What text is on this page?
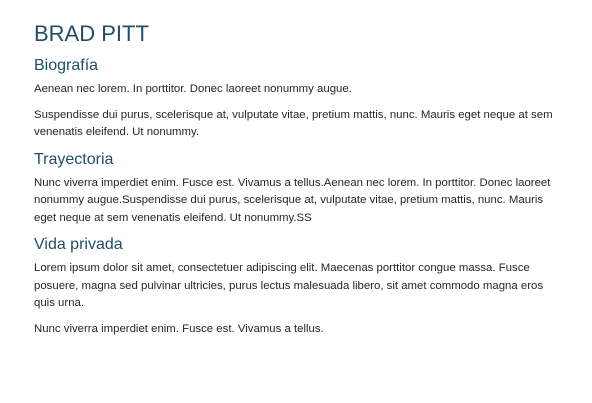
BRAD PITT
Biografía

Aenean nec lorem. In porttitor. Donec laoreet nonummy augue.

Suspendisse dui purus, scelerisque at, vulputate vitae, pretium mattis, nunc. Mauris eget neque at sem venenatis eleifend. Ut nonummy.

Trayectoria

Nunc viverra imperdiet enim. Fusce est. Vivamus a tellus.Aenean nec lorem. In porttitor. Donec laoreet nonummy augue.Suspendisse dui purus, scelerisque at, vulputate vitae, pretium mattis, nunc. Mauris eget neque at sem venenatis eleifend. Ut nonummy.SS

Vida privada

Lorem ipsum dolor sit amet, consectetuer adipiscing elit. Maecenas porttitor congue massa. Fusce posuere, magna sed pulvinar ultricies, purus lectus malesuada libero, sit amet commodo magna eros quis urna.

Nunc viverra imperdiet enim. Fusce est. Vivamus a tellus.
